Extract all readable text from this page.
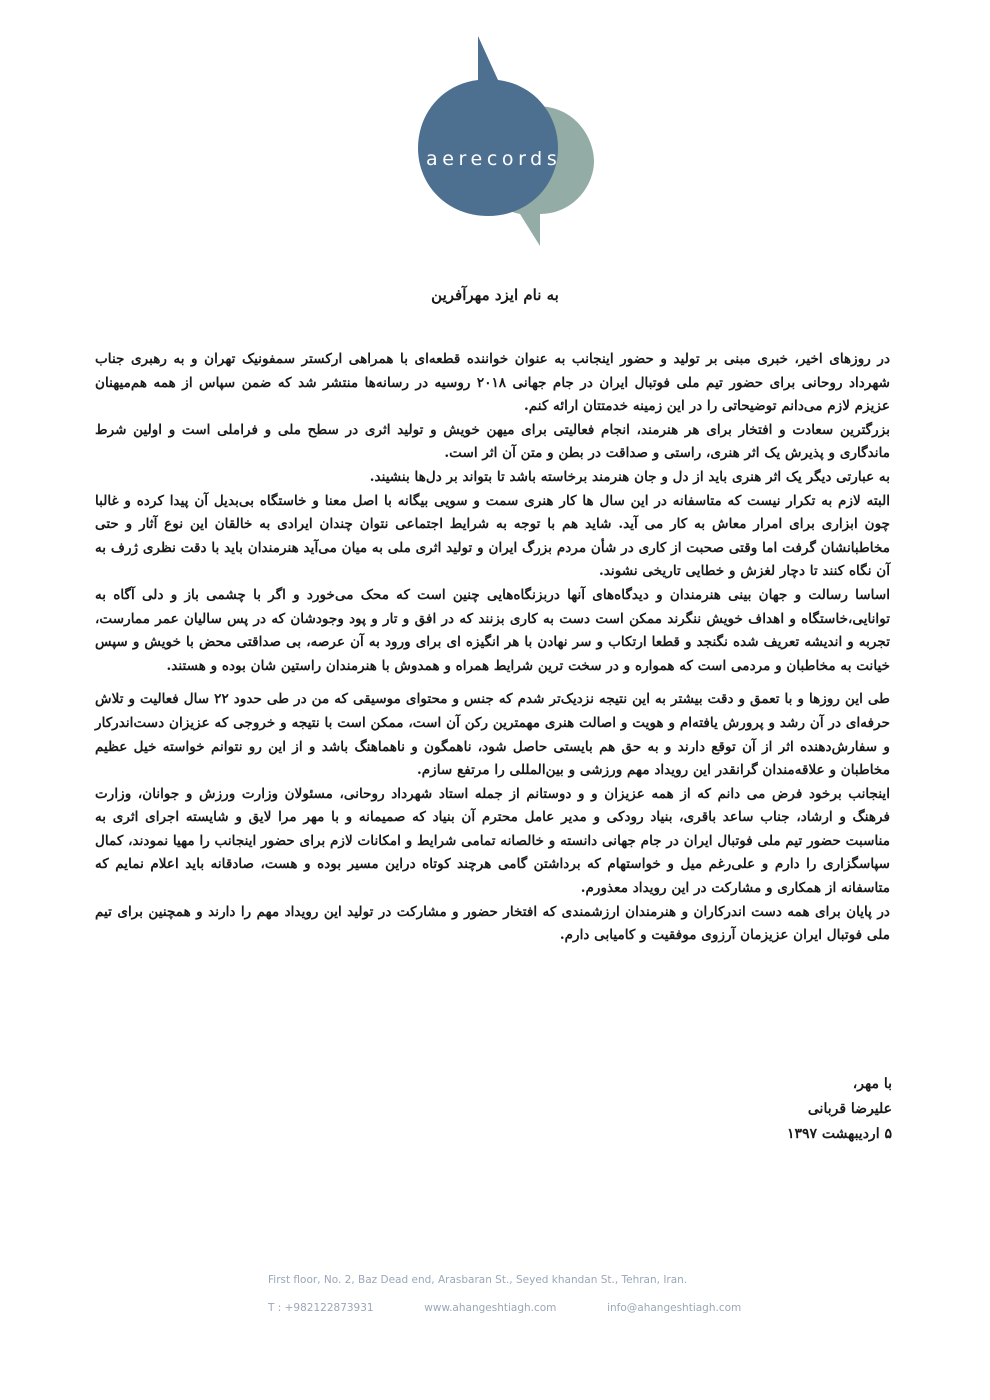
aerecords
به نام ایزد مهرآفرین

در روزهای اخیر، خبری مبنی بر تولید و حضور اینجانب به عنوان خواننده قطعه‌ای با همراهی ارکستر سمفونیک تهران و به رهبری جناب شهرداد روحانی برای حضور تیم ملی فوتبال ایران در جام جهانی ۲۰۱۸ روسیه در رسانه‌ها منتشر شد که ضمن سپاس از همه هم‌میهنان عزیزم لازم می‌دانم توضیحاتی را در این زمینه خدمتتان ارائه کنم.

بزرگترین سعادت و افتخار برای هر هنرمند، انجام فعالیتی برای میهن خویش و تولید اثری در سطح ملی و فراملی است و اولین شرط ماندگاری و پذیرش یک اثر هنری، راستی و صداقت در بطن و متن آن اثر است.

به عبارتی دیگر یک اثر هنری باید از دل و جان هنرمند برخاسته باشد تا بتواند بر دل‌ها بنشیند.

البته لازم به تکرار نیست که متاسفانه در این سال ها کار هنری سمت و سویی بیگانه با اصل معنا و خاستگاه بی‌بدیل آن پیدا کرده و غالبا چون ابزاری برای امرار معاش به کار می آید. شاید هم با توجه به شرایط اجتماعی نتوان چندان ایرادی به خالقان این نوع آثار و حتی مخاطبانشان گرفت اما وقتی صحبت از کاری در شأن مردم بزرگ ایران و تولید اثری ملی به میان می‌آید هنرمندان باید با دقت نظری ژرف به آن نگاه کنند تا دچار لغزش و خطایی تاریخی نشوند.

اساسا رسالت و جهان بینی هنرمندان و دیدگاه‌های آنها دربزنگاه‌هایی چنین است که محک می‌خورد و اگر با چشمی باز و دلی آگاه به توانایی،خاستگاه و اهداف خویش ننگرند ممکن است دست به کاری بزنند که در افق و تار و پود وجودشان که در پس سالیان عمر ممارست، تجربه و اندیشه تعریف شده نگنجد و قطعا ارتکاب و سر نهادن با هر انگیزه ای برای ورود به آن عرصه، بی صداقتی محض با خویش و سپس خیانت به مخاطبان و مردمی است که همواره و در سخت ترین شرایط همراه و همدوش با هنرمندان راستین شان بوده و هستند.

طی این روزها و با تعمق و دقت بیشتر به این نتیجه نزدیک‌تر شدم که جنس و محتوای موسیقی که من در طی حدود ۲۲ سال فعالیت و تلاش حرفه‌ای در آن رشد و پرورش یافته‌ام و هویت و اصالت هنری مهمترین رکن آن است، ممکن است با نتیجه و خروجی که عزیزان دست‌اندرکار و سفارش‌دهنده اثر از آن توقع دارند و به حق هم بایستی حاصل شود، ناهمگون و ناهماهنگ باشد و از این رو نتوانم خواسته خیل عظیم مخاطبان و علاقه‌مندان گرانقدر این رویداد مهم ورزشی و بین‌المللی را مرتفع سازم.

اینجانب برخود فرض می دانم که از همه عزیزان و و دوستانم از جمله استاد شهرداد روحانی، مسئولان وزارت ورزش و جوانان، وزارت فرهنگ و ارشاد، جناب ساعد باقری، بنیاد رودکی و مدیر عامل محترم آن بنیاد که صمیمانه و با مهر مرا لایق و شایسته اجرای اثری به مناسبت حضور تیم ملی فوتبال ایران در جام جهانی دانسته و خالصانه تمامی شرایط و امکانات لازم برای حضور اینجانب را مهیا نمودند، کمال سپاسگزاری را دارم و علی‌رغم میل و خواستهام که برداشتن گامی هرچند کوتاه دراین مسیر بوده و هست، صادقانه باید اعلام نمایم که متاسفانه از همکاری و مشارکت در این رویداد معذورم.

در پایان برای همه دست اندرکاران و هنرمندان ارزشمندی که افتخار حضور و مشارکت در تولید این رویداد مهم را دارند و همچنین برای تیم ملی فوتبال ایران عزیزمان آرزوی موفقیت و کامیابی دارم.

با مهر،
علیرضا قربانی
۵ اردیبهشت ۱۳۹۷
First floor, No. 2, Baz Dead end, Arasbaran St., Seyed khandan St., Tehran, Iran.
T : +982122873931	www.ahangeshtiagh.com	info@ahangeshtiagh.com
